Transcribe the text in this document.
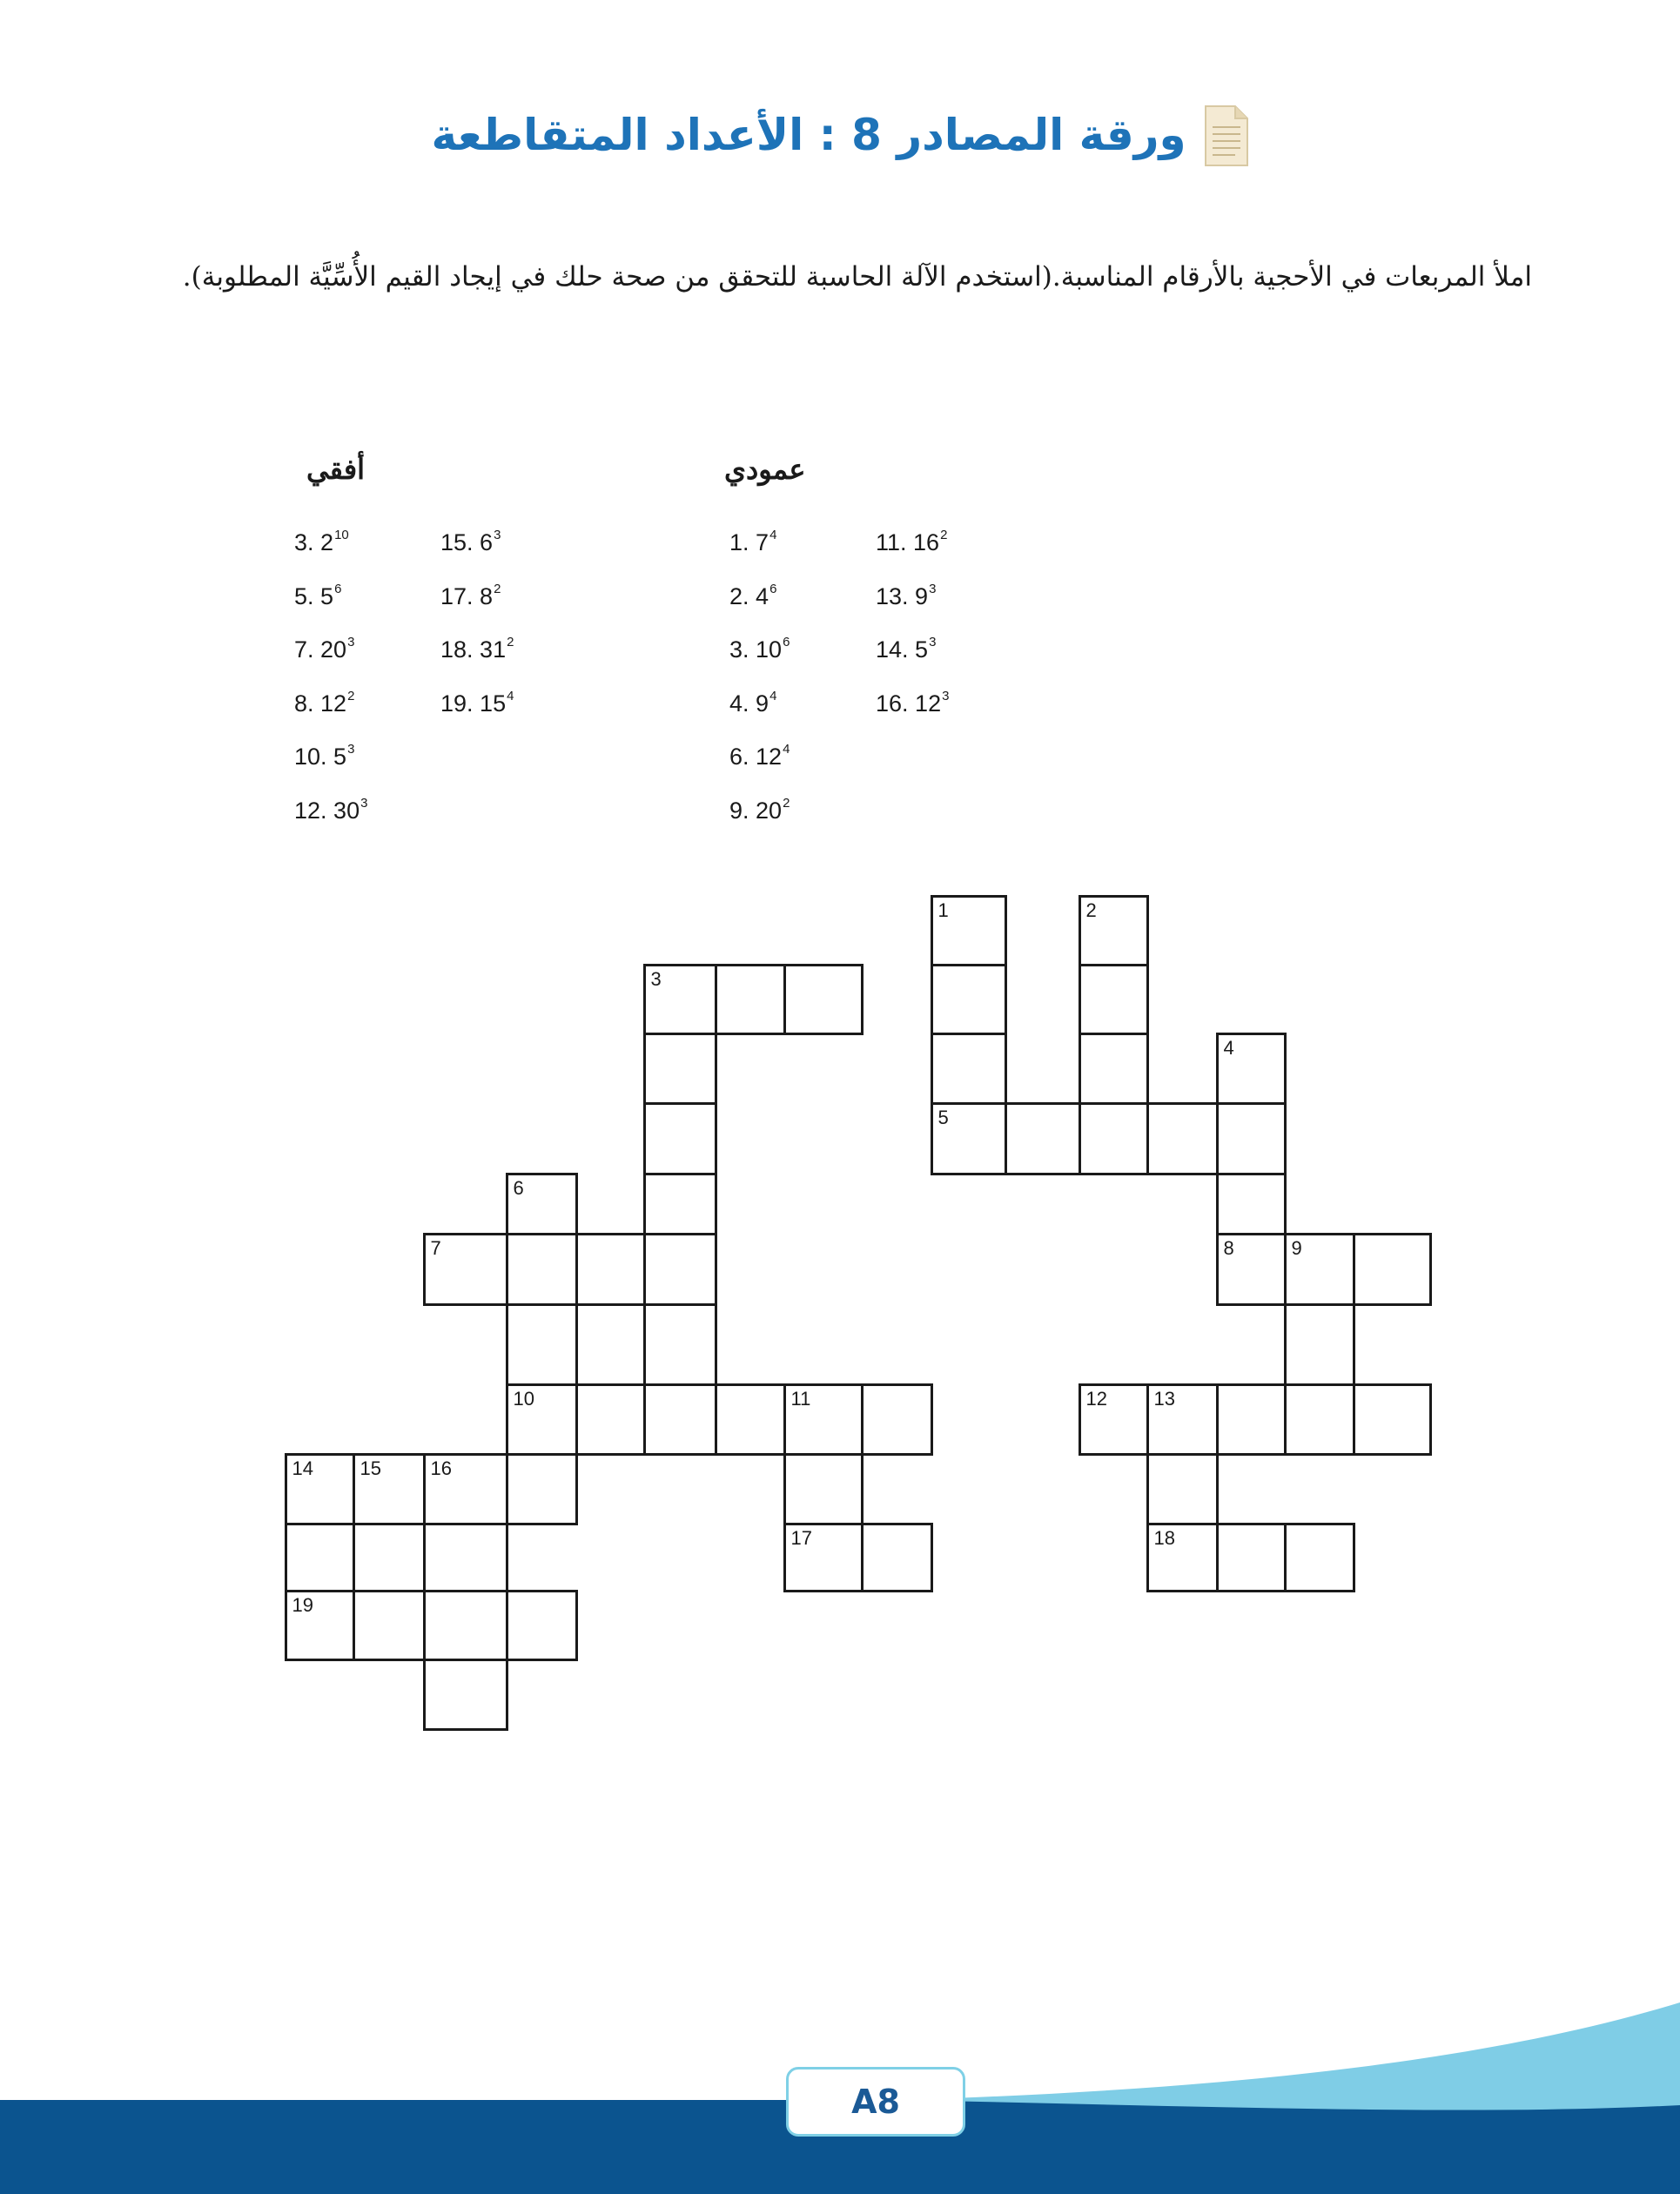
ورقة المصادر 8 : الأعداد المتقاطعة
املأ المربعات في الأحجية بالأرقام المناسبة.(استخدم الآلة الحاسبة للتحقق من صحة حلك في إيجاد القيم الأُسِّيَّة المطلوبة).
أفقي	عمودي
3. $2^{10}$
5. $5^6$
7. $20^3$
8. $12^2$
10. $5^3$
12. $30^3$
15. $6^3$
17. $8^2$
18. $31^2$
19. $15^4$
1. $7^4$
2. $4^6$
3. $10^6$
4. $9^4$
6. $12^4$
9. $20^2$
11. $16^2$
13. $9^3$
14. $5^3$
16. $12^3$
1	2
3
4
5
6
7	8	9
10	11	12 13
14 15	16
17	18
19
A8
